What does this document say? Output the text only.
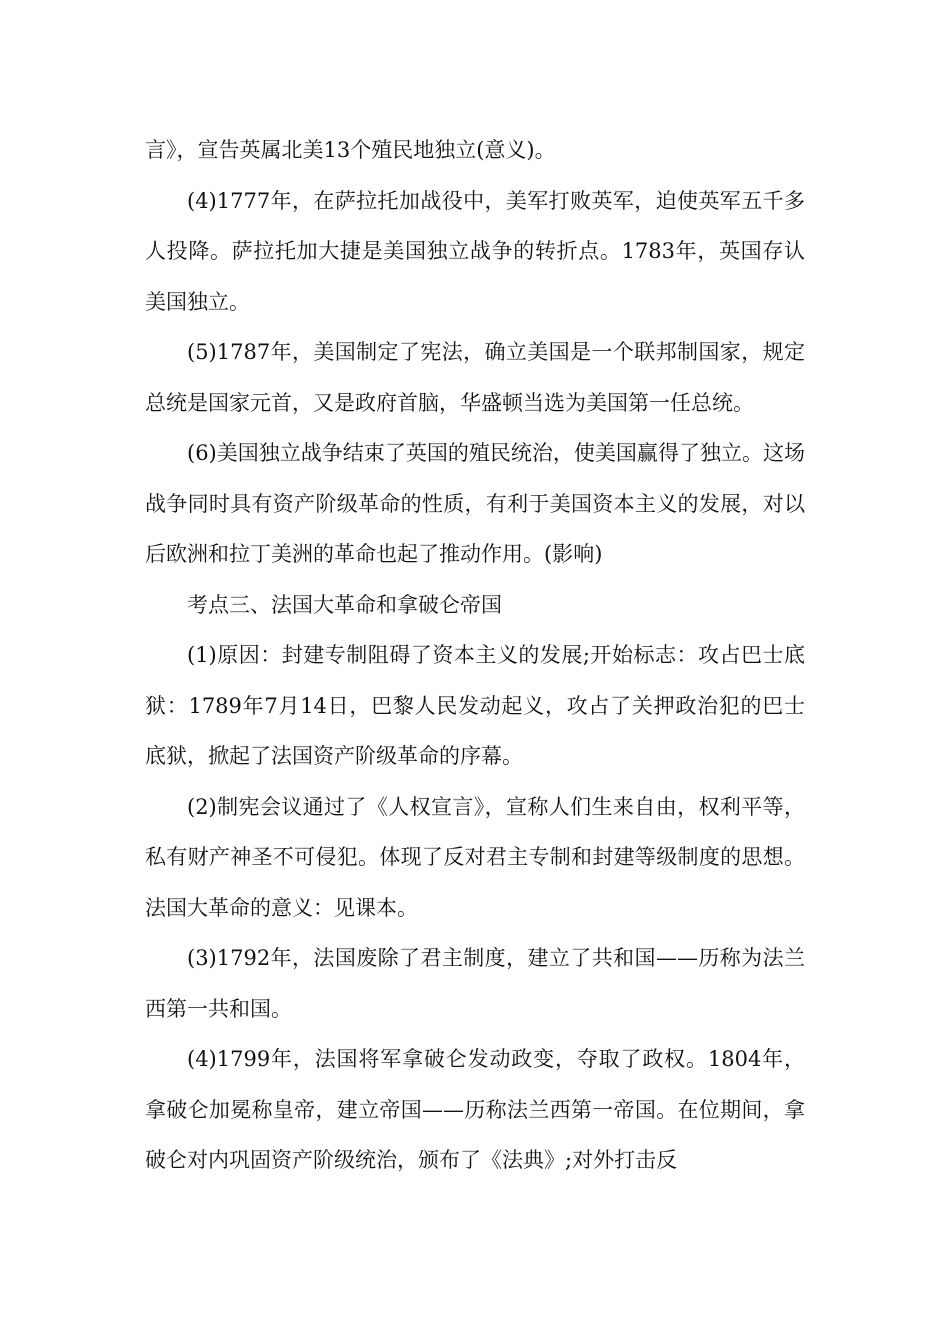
言》，宣告英属北美13个殖民地独立(意义)。

(4)1777年，在萨拉托加战役中，美军打败英军，迫使英军五千多人投降。萨拉托加大捷是美国独立战争的转折点。1783年，英国存认美国独立。

(5)1787年，美国制定了宪法，确立美国是一个联邦制国家，规定总统是国家元首，又是政府首脑，华盛顿当选为美国第一任总统。

(6)美国独立战争结束了英国的殖民统治，使美国赢得了独立。这场战争同时具有资产阶级革命的性质，有利于美国资本主义的发展，对以后欧洲和拉丁美洲的革命也起了推动作用。(影响)

考点三、法国大革命和拿破仑帝国

(1)原因：封建专制阻碍了资本主义的发展;开始标志：攻占巴士底狱：1789年7月14日，巴黎人民发动起义，攻占了关押政治犯的巴士底狱，掀起了法国资产阶级革命的序幕。

(2)制宪会议通过了《人权宣言》，宣称人们生来自由，权利平等，私有财产神圣不可侵犯。体现了反对君主专制和封建等级制度的思想。法国大革命的意义：见课本。

(3)1792年，法国废除了君主制度，建立了共和国——历称为法兰西第一共和国。

(4)1799年，法国将军拿破仑发动政变，夺取了政权。1804年，拿破仑加冕称皇帝，建立帝国——历称法兰西第一帝国。在位期间，拿破仑对内巩固资产阶级统治，颁布了《法典》;对外打击反
